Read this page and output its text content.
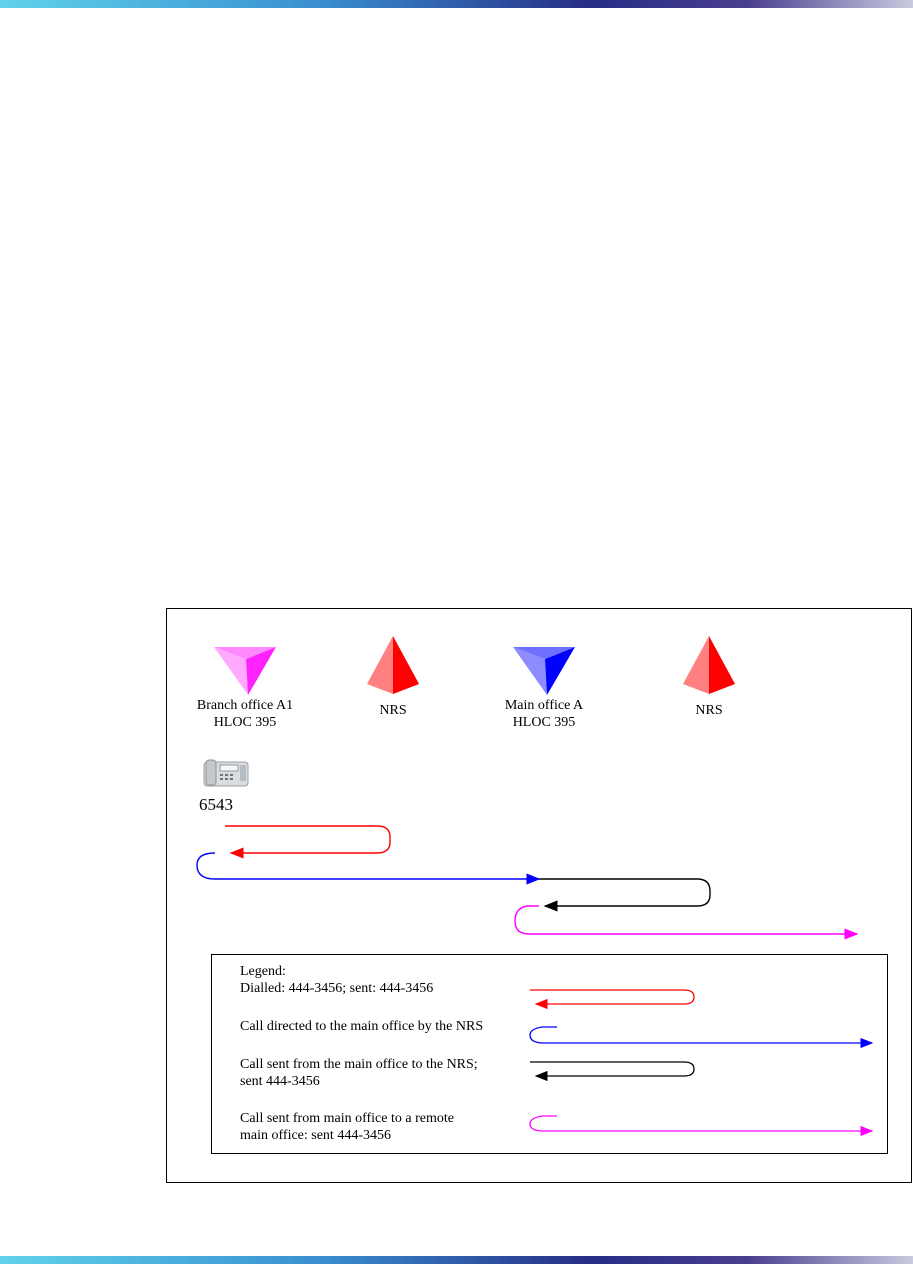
Branch office A1
HLOC 395
NRS	Main office A
HLOC 395
NRS
6543
Legend:
Dialled: 444-3456; sent: 444-3456
Call directed to the main office by the NRS
Call sent from the main office to the NRS;
sent 444-3456
Call sent from main office to a remote
main office: sent 444-3456
